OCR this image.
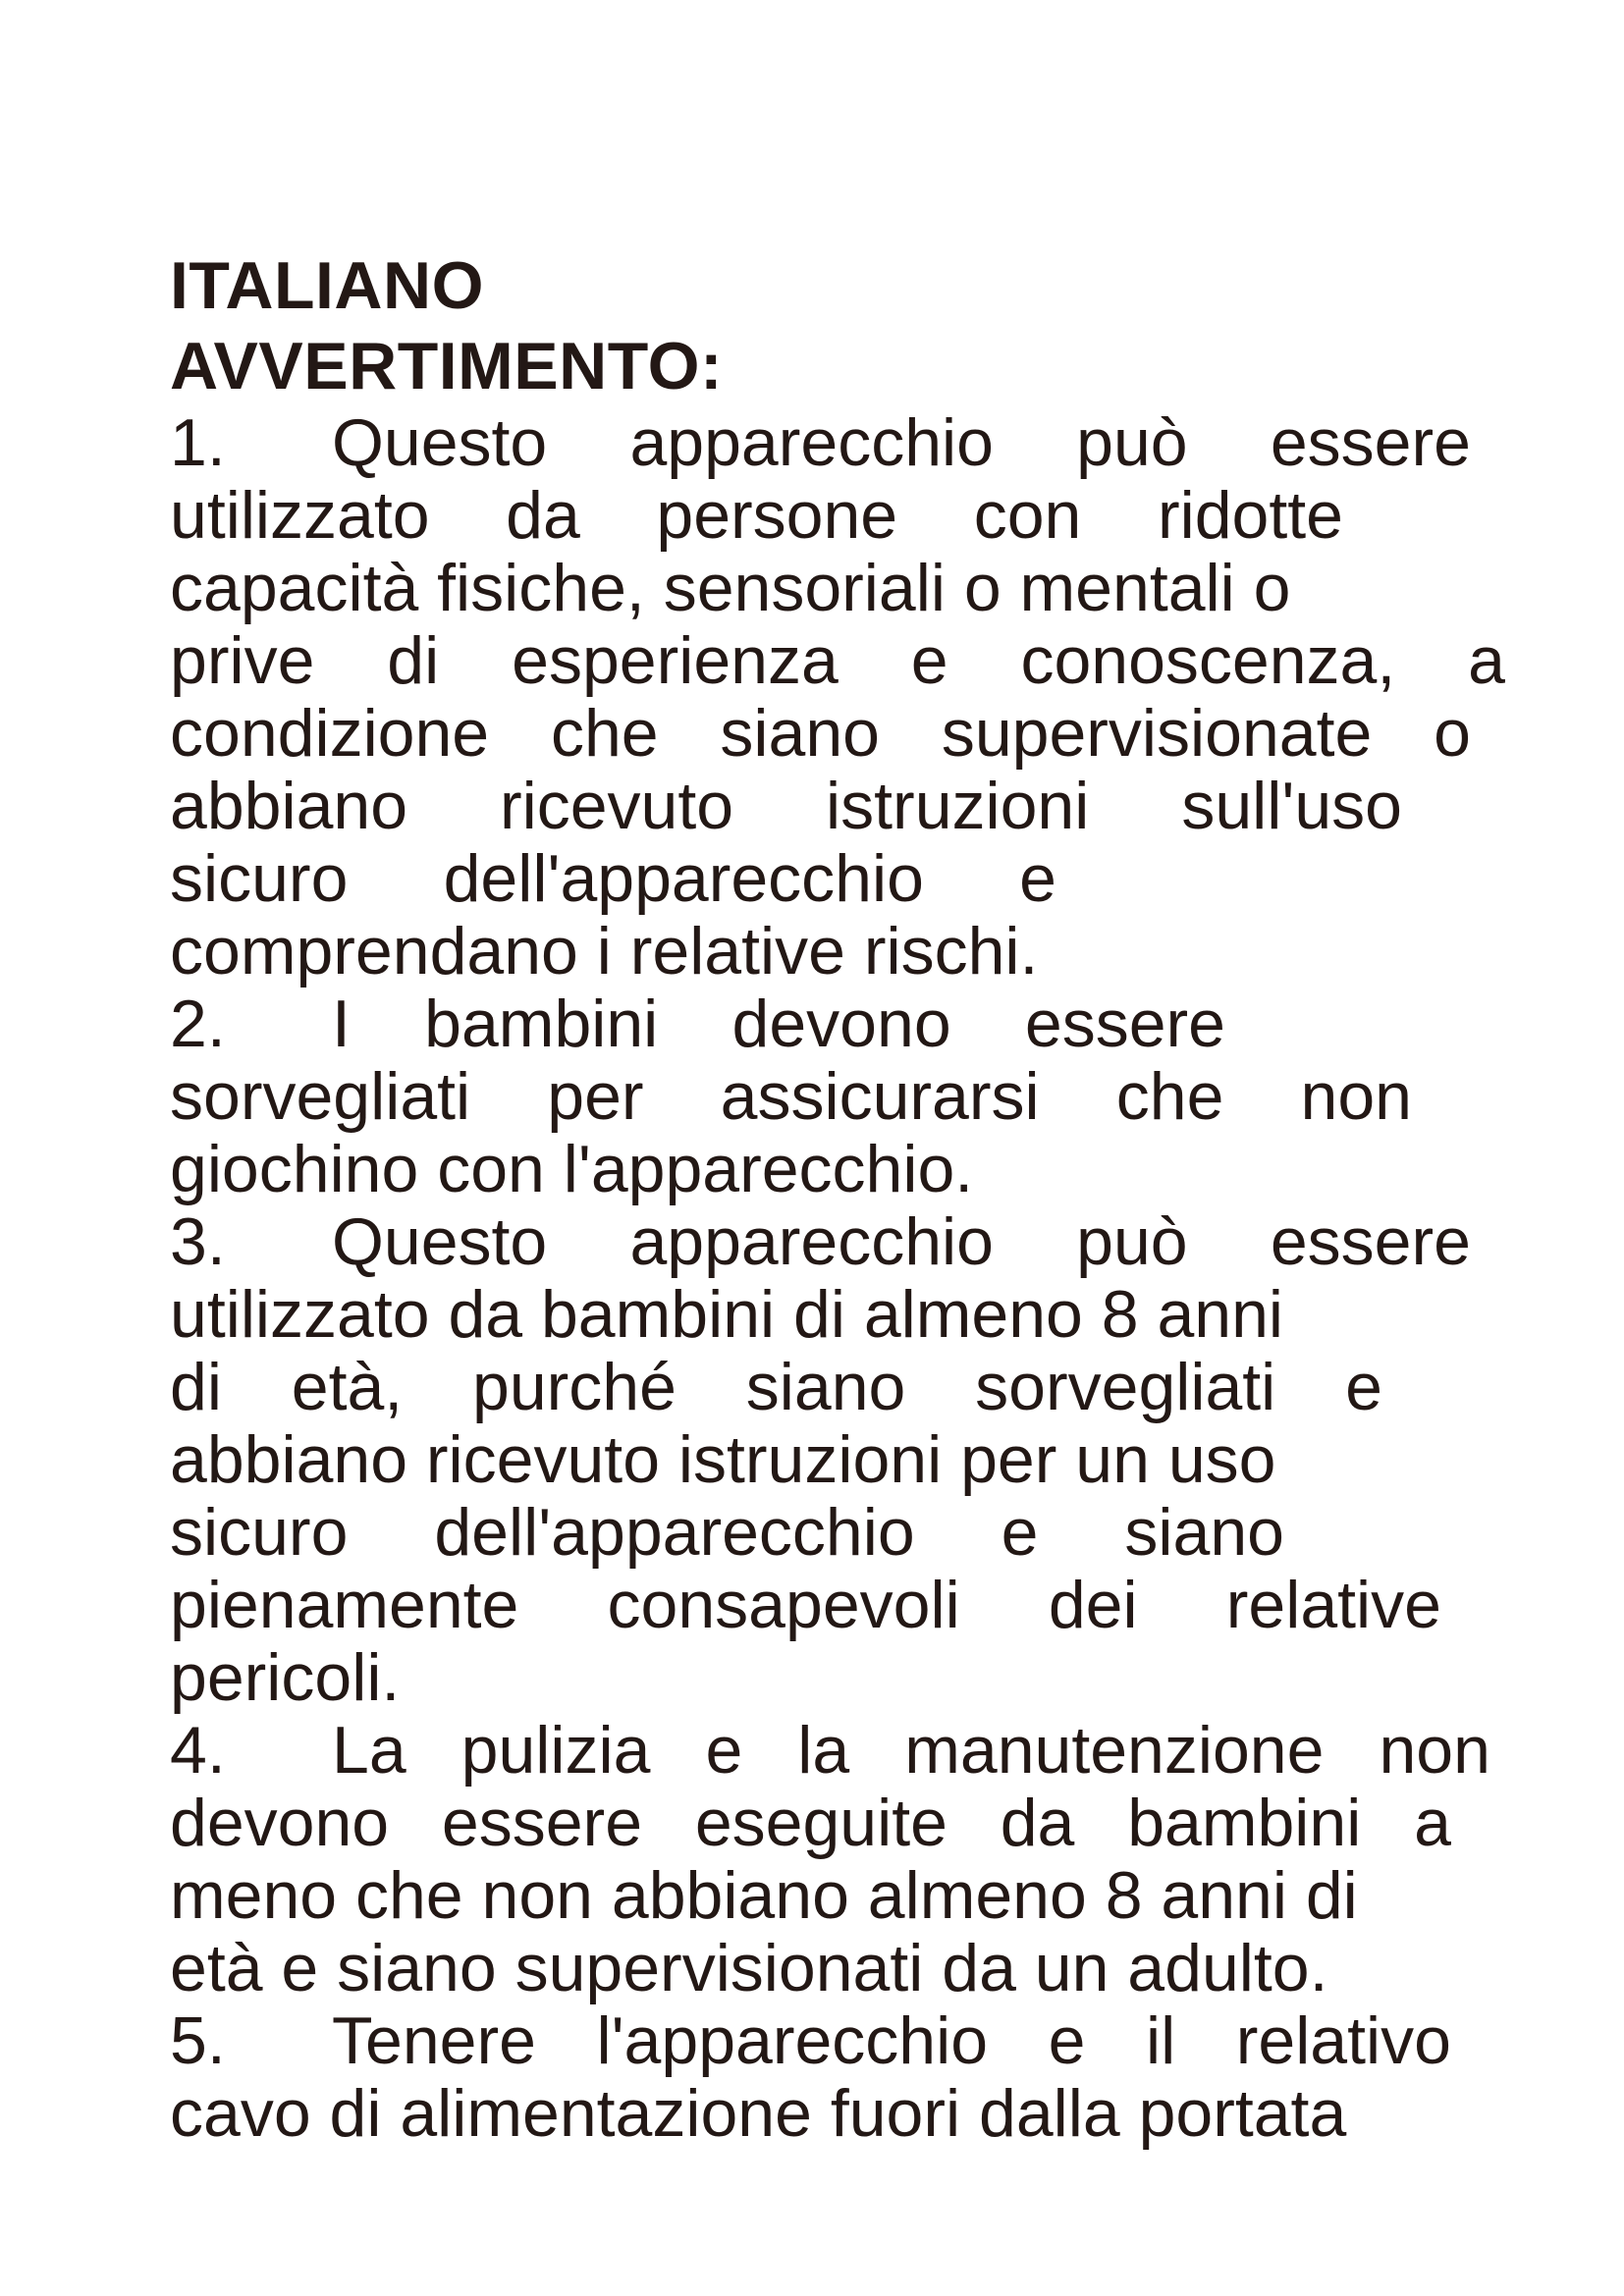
ITALIANO
AVVERTIMENTO:
1.	Questo apparecchio può essere
utilizzato da persone con ridotte
capacità fisiche, sensoriali o mentali o
prive di esperienza e conoscenza, a
condizione che siano supervisionate o
abbiano ricevuto istruzioni sull'uso
sicuro dell'apparecchio e
comprendano i relative rischi.
2.	I bambini devono essere
sorvegliati per assicurarsi che non
giochino con l'apparecchio.
3.	Questo apparecchio può essere
utilizzato da bambini di almeno 8 anni
di età, purché siano sorvegliati e
abbiano ricevuto istruzioni per un uso
sicuro dell'apparecchio e siano
pienamente consapevoli dei relative
pericoli.
4.	La pulizia e la manutenzione non
devono essere eseguite da bambini a
meno che non abbiano almeno 8 anni di
età e siano supervisionati da un adulto.
5.	Tenere l'apparecchio e il relativo
cavo di alimentazione fuori dalla portata
